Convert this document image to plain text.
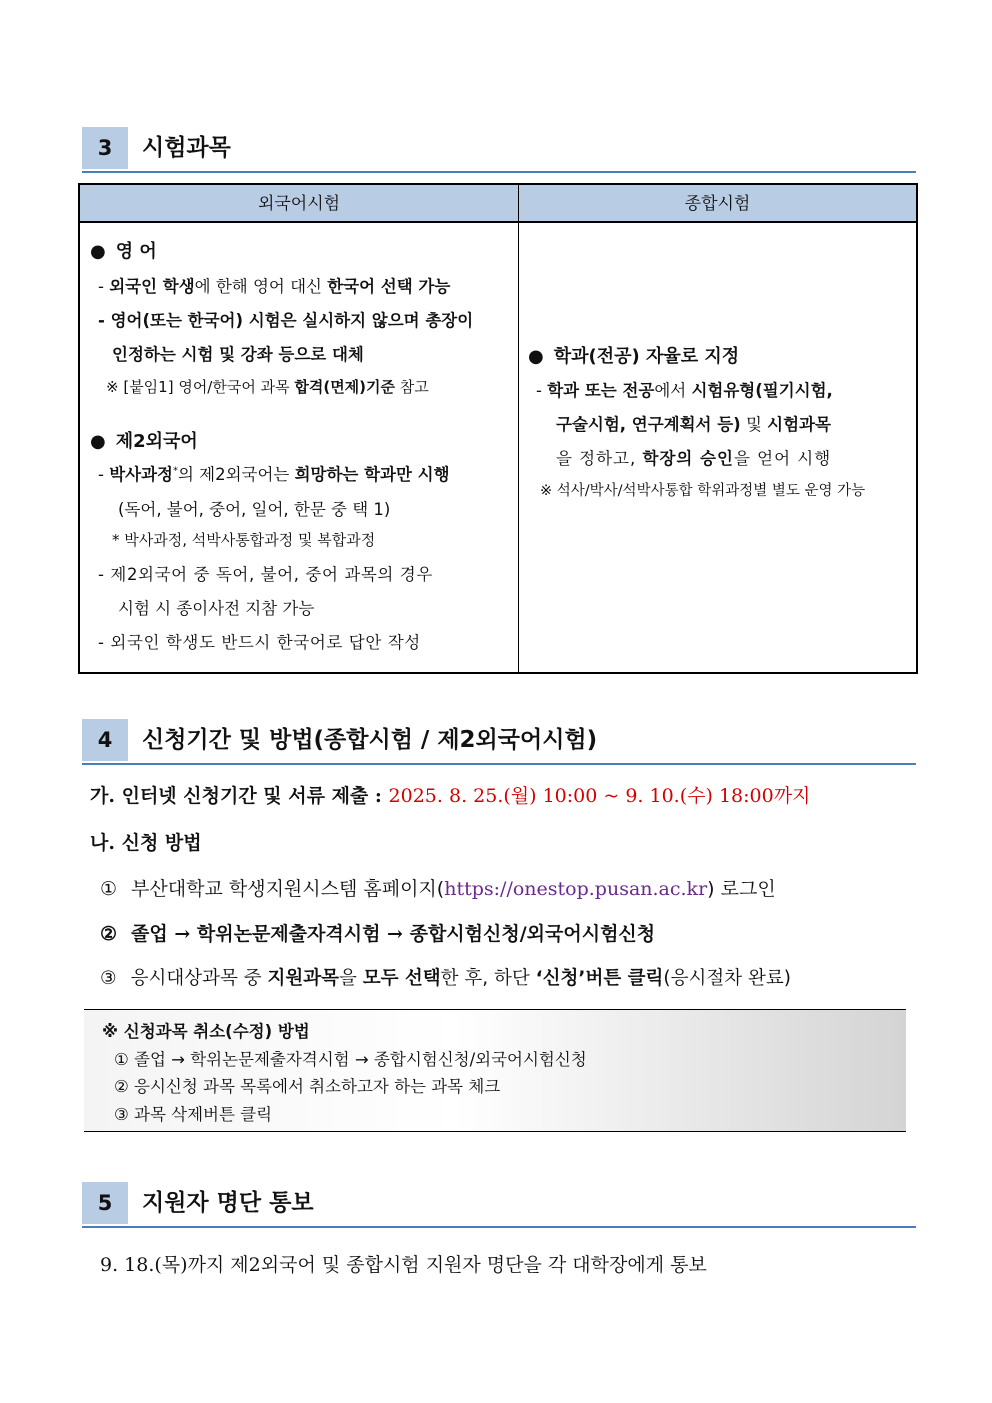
3	시험과목
외국어시험	종합시험
● 영 어
- 외국인 학생에 한해 영어 대신 한국어 선택 가능
- 영어(또는 한국어) 시험은 실시하지 않으며 총장이
인정하는 시험 및 강좌 등으로 대체
※ [붙임1] 영어/한국어 과목 합격(면제)기준 참고
● 제2외국어
- 박사과정*의 제2외국어는 희망하는 학과만 시행
(독어, 불어, 중어, 일어, 한문 중 택 1)
* 박사과정, 석박사통합과정 및 복합과정
- 제2외국어 중 독어, 불어, 중어 과목의 경우
시험 시 종이사전 지참 가능
- 외국인 학생도 반드시 한국어로 답안 작성
● 학과(전공) 자율로 지정
- 학과 또는 전공에서 시험유형(필기시험,
구술시험, 연구계획서 등) 및 시험과목
을 정하고, 학장의 승인을 얻어 시행
※ 석사/박사/석박사통합 학위과정별 별도 운영 가능
4	신청기간 및 방법(종합시험 / 제2외국어시험)
가. 인터넷 신청기간 및 서류 제출 : 2025. 8. 25.(월) 10:00 ~ 9. 10.(수) 18:00까지
나. 신청 방법
① 부산대학교 학생지원시스템 홈페이지(https://onestop.pusan.ac.kr) 로그인
② 졸업 → 학위논문제출자격시험 → 종합시험신청/외국어시험신청
③ 응시대상과목 중 지원과목을 모두 선택한 후, 하단 ‘신청’버튼 클릭(응시절차 완료)
※ 신청과목 취소(수정) 방법
① 졸업 → 학위논문제출자격시험 → 종합시험신청/외국어시험신청
② 응시신청 과목 목록에서 취소하고자 하는 과목 체크
③ 과목 삭제버튼 클릭
5	지원자 명단 통보
9. 18.(목)까지 제2외국어 및 종합시험 지원자 명단을 각 대학장에게 통보
